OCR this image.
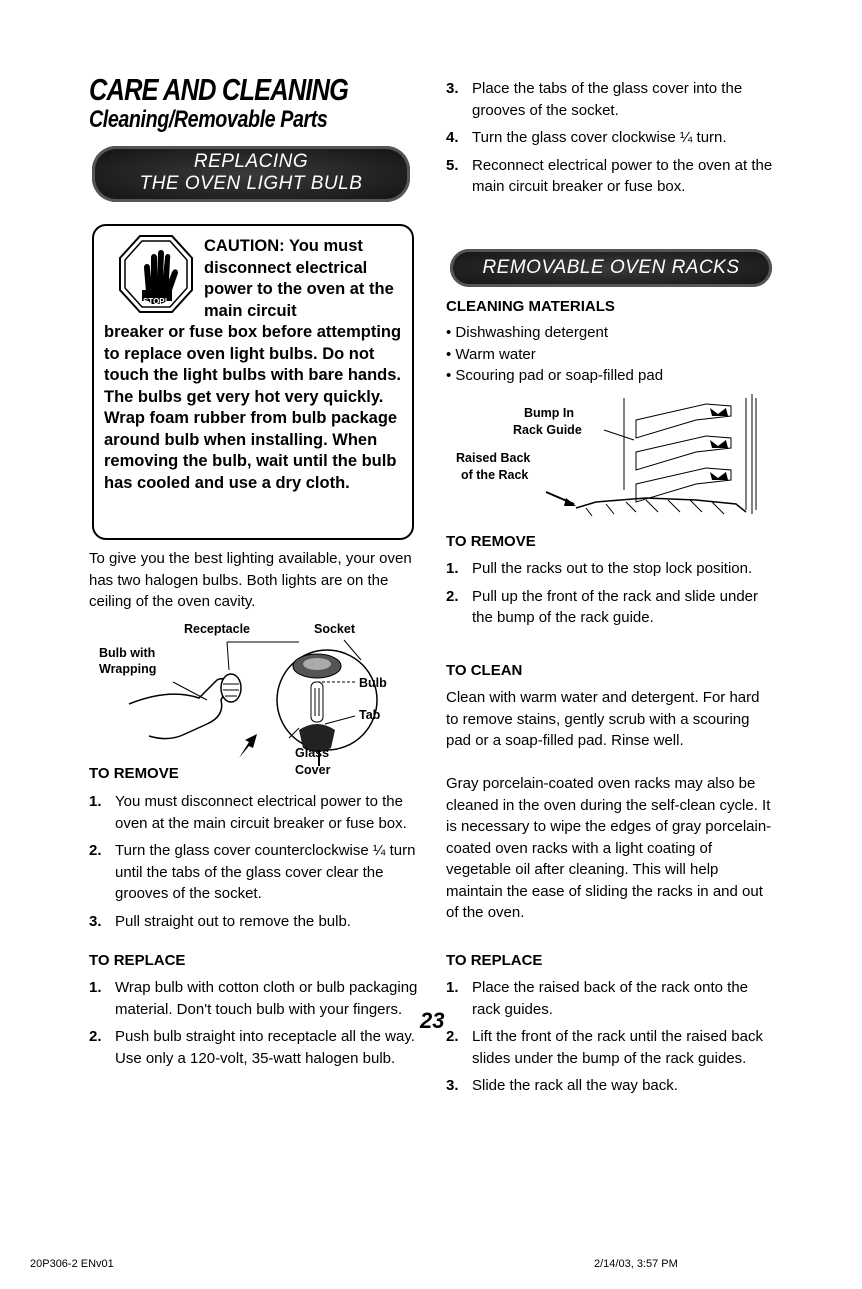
CARE AND CLEANING
Cleaning/Removable Parts
REPLACING
THE OVEN LIGHT BULB
STOP!
CAUTION: You must disconnect electrical power to the oven at the main circuit
breaker or fuse box before attempting to replace oven light bulbs. Do not touch the light bulbs with bare hands. The bulbs get very hot very quickly. Wrap foam rubber from bulb package around bulb when installing. When removing the bulb, wait until the bulb has cooled and use a dry cloth.
To give you the best lighting available, your oven has two halogen bulbs. Both lights are on the ceiling of the oven cavity.
Receptacle	Socket
Bulb with
Wrapping
Bulb
Tab
Glass
Cover
TO REMOVE
1. You must disconnect electrical power to the oven at the main circuit breaker or fuse box.
2. Turn the glass cover counterclockwise ¼ turn until the tabs of the glass cover clear the grooves of the socket.
3. Pull straight out to remove the bulb.
TO REPLACE
1. Wrap bulb with cotton cloth or bulb packaging material. Don't touch bulb with your fingers.
2. Push bulb straight into receptacle all the way. Use only a 120-volt, 35-watt halogen bulb.
3. Place the tabs of the glass cover into the grooves of the socket.
4. Turn the glass cover clockwise ¼ turn.
5. Reconnect electrical power to the oven at the main circuit breaker or fuse box.
REMOVABLE OVEN RACKS
CLEANING MATERIALS
• Dishwashing detergent
• Warm water
• Scouring pad or soap-filled pad
Bump In
Rack Guide
Raised Back
of the Rack
TO REMOVE
1. Pull the racks out to the stop lock position.
2. Pull up the front of the rack and slide under the bump of the rack guide.
TO CLEAN
Clean with warm water and detergent. For hard to remove stains, gently scrub with a scouring pad or a soap-filled pad. Rinse well.
Gray porcelain-coated oven racks may also be cleaned in the oven during the self-clean cycle. It is necessary to wipe the edges of gray porcelain-coated oven racks with a light coating of vegetable oil after cleaning. This will help maintain the ease of sliding the racks in and out of the oven.
TO REPLACE
1. Place the raised back of the rack onto the rack guides.
2. Lift the front of the rack until the raised back slides under the bump of the rack guides.
3. Slide the rack all the way back.
23
20P306-2 ENv01	2/14/03, 3:57 PM
